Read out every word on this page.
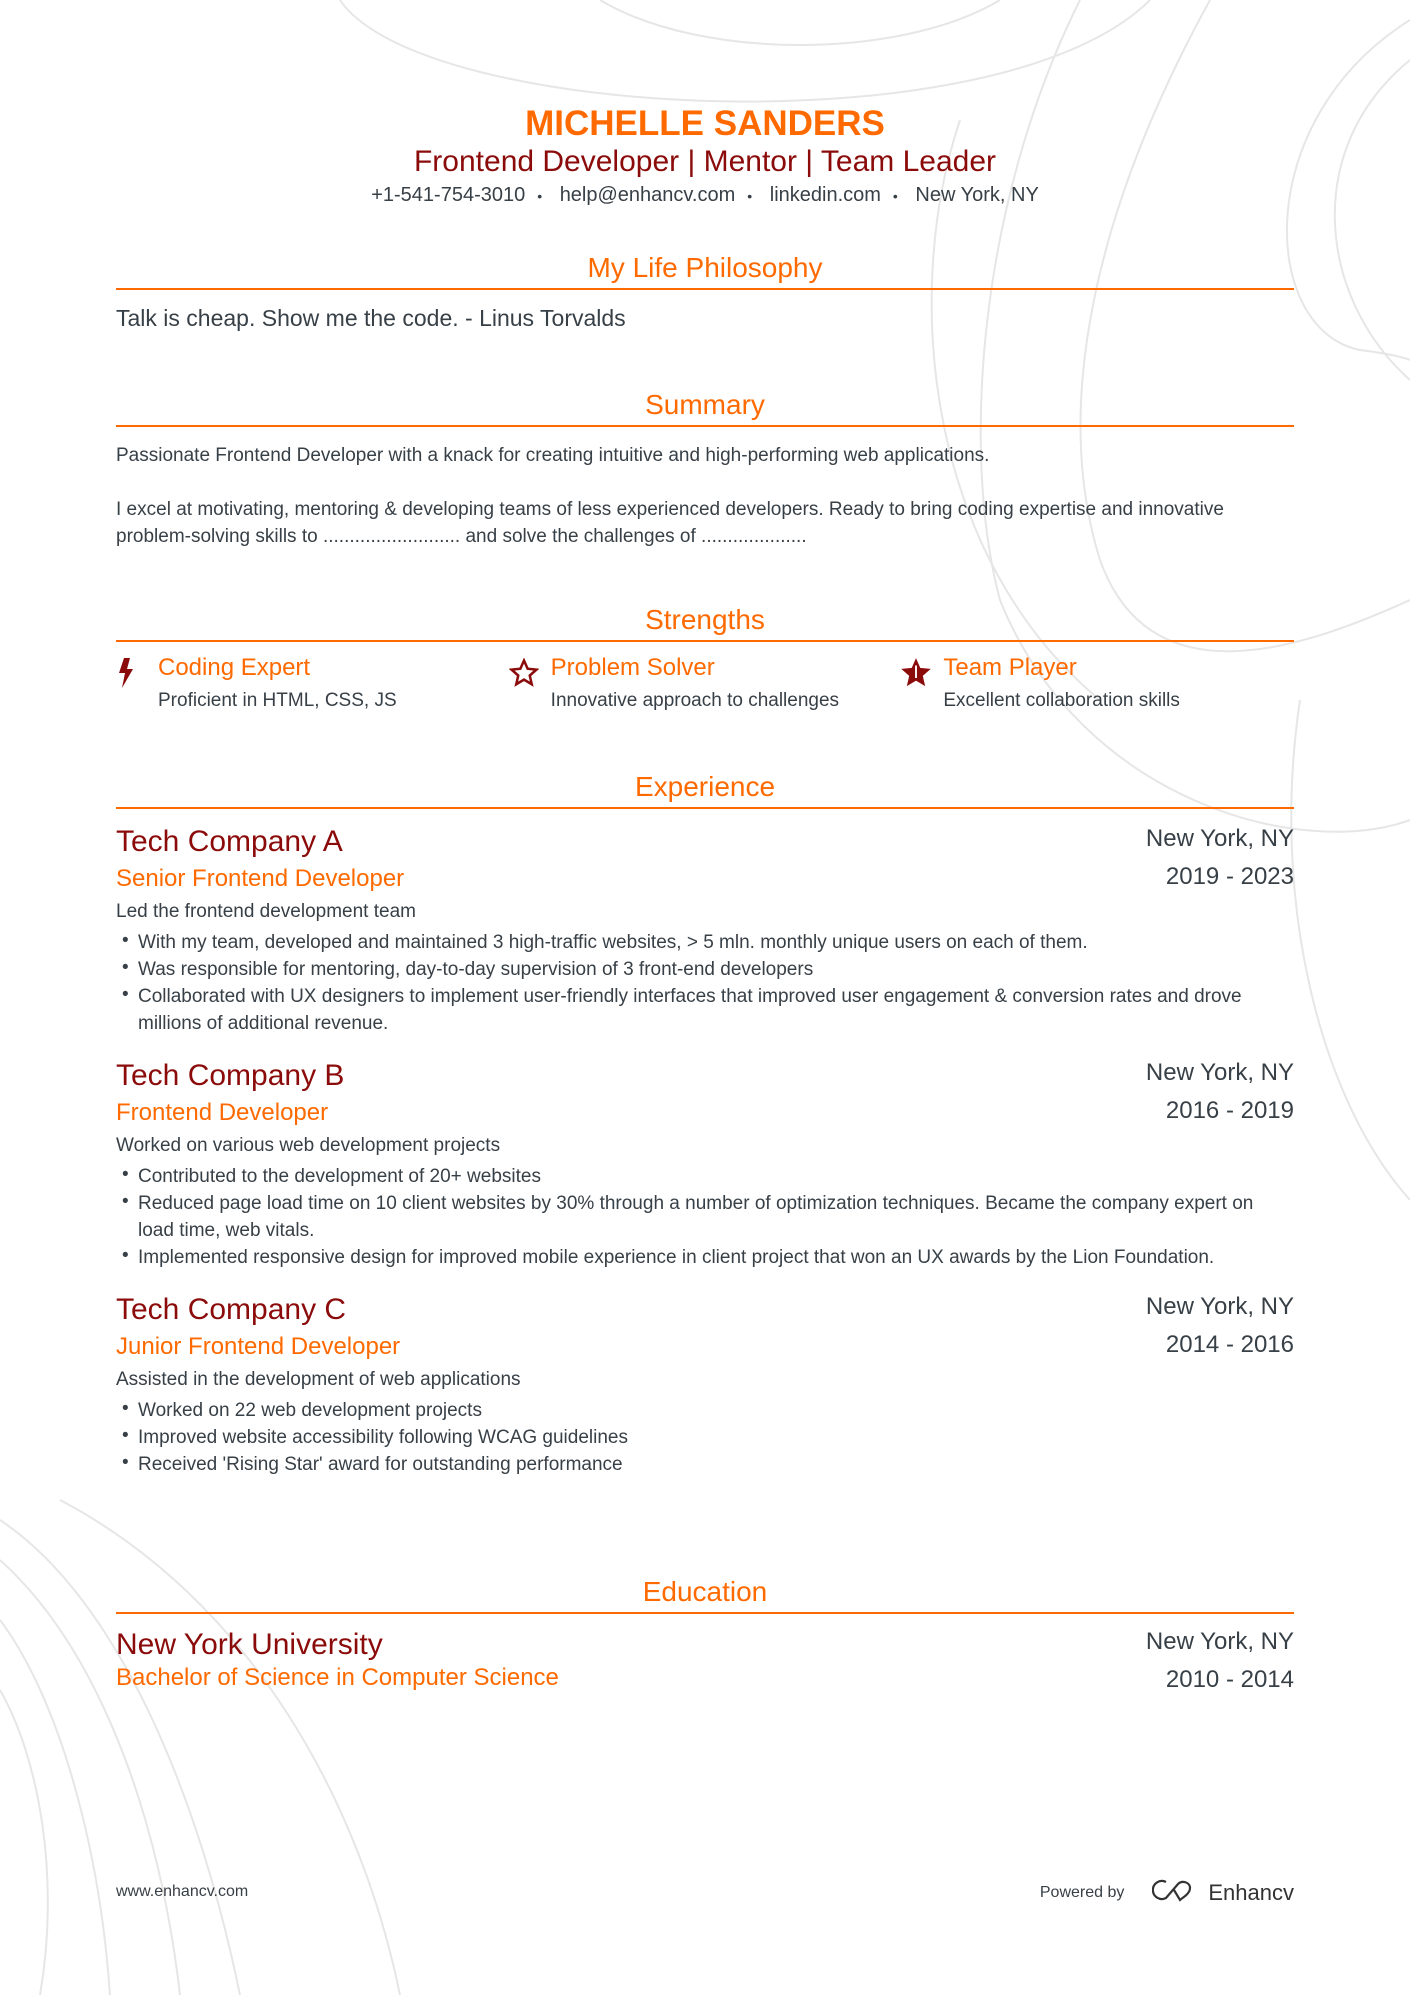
MICHELLE SANDERS
Frontend Developer | Mentor | Team Leader
+1-541-754-3010 • help@enhancv.com • linkedin.com • New York, NY
My Life Philosophy
Talk is cheap. Show me the code. - Linus Torvalds
Summary
Passionate Frontend Developer with a knack for creating intuitive and high-performing web applications.
I excel at motivating, mentoring & developing teams of less experienced developers. Ready to bring coding expertise and innovative problem-solving skills to .......................... and solve the challenges of ....................
Strengths
Coding Expert
Proficient in HTML, CSS, JS
Problem Solver
Innovative approach to challenges
Team Player
Excellent collaboration skills
Experience
Tech Company A
Senior Frontend Developer
New York, NY
2019 - 2023
Led the frontend development team
• With my team, developed and maintained 3 high-traffic websites, > 5 mln. monthly unique users on each of them.
• Was responsible for mentoring, day-to-day supervision of 3 front-end developers
• Collaborated with UX designers to implement user-friendly interfaces that improved user engagement & conversion rates and drove millions of additional revenue.
Tech Company B
Frontend Developer
New York, NY
2016 - 2019
Worked on various web development projects
• Contributed to the development of 20+ websites
• Reduced page load time on 10 client websites by 30% through a number of optimization techniques. Became the company expert on load time, web vitals.
• Implemented responsive design for improved mobile experience in client project that won an UX awards by the Lion Foundation.
Tech Company C
Junior Frontend Developer
New York, NY
2014 - 2016
Assisted in the development of web applications
• Worked on 22 web development projects
• Improved website accessibility following WCAG guidelines
• Received 'Rising Star' award for outstanding performance
Education
New York University
Bachelor of Science in Computer Science
New York, NY
2010 - 2014
www.enhancv.com	Powered by	Enhancv
